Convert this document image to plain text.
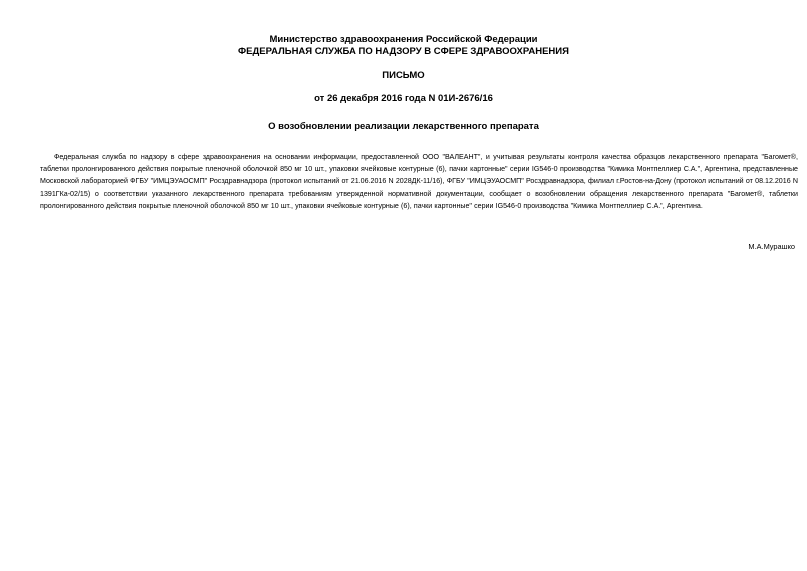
Министерство здравоохранения Российской Федерации
ФЕДЕРАЛЬНАЯ СЛУЖБА ПО НАДЗОРУ В СФЕРЕ ЗДРАВООХРАНЕНИЯ
ПИСЬМО
от 26 декабря 2016 года N 01И-2676/16
О возобновлении реализации лекарственного препарата

Федеральная служба по надзору в сфере здравоохранения на основании информации, предоставленной ООО "ВАЛЕАНТ", и учитывая результаты контроля качества образцов лекарственного препарата "Багомет®, таблетки пролонгированного действия покрытые пленочной оболочкой 850 мг 10 шт., упаковки ячейковые контурные (6), пачки картонные" серии IG546-0 производства "Кимика Монтпеллиер С.А.", Аргентина, представленные Московской лабораторией ФГБУ "ИМЦЭУАОСМП" Росздравнадзора (протокол испытаний от 21.06.2016 N 2028ДК-11/16), ФГБУ "ИМЦЭУАОСМП" Росздравнадзора, филиал г.Ростов-на-Дону (протокол испытаний от 08.12.2016 N 1391ГКа-02/15) о соответствии указанного лекарственного препарата требованиям утвержденной нормативной документации, сообщает о возобновлении обращения лекарственного препарата "Багомет®, таблетки пролонгированного действия покрытые пленочной оболочкой 850 мг 10 шт., упаковки ячейковые контурные (6), пачки картонные" серии IG546-0 производства "Кимика Монтпеллиер С.А.", Аргентина.

М.А.Мурашко
